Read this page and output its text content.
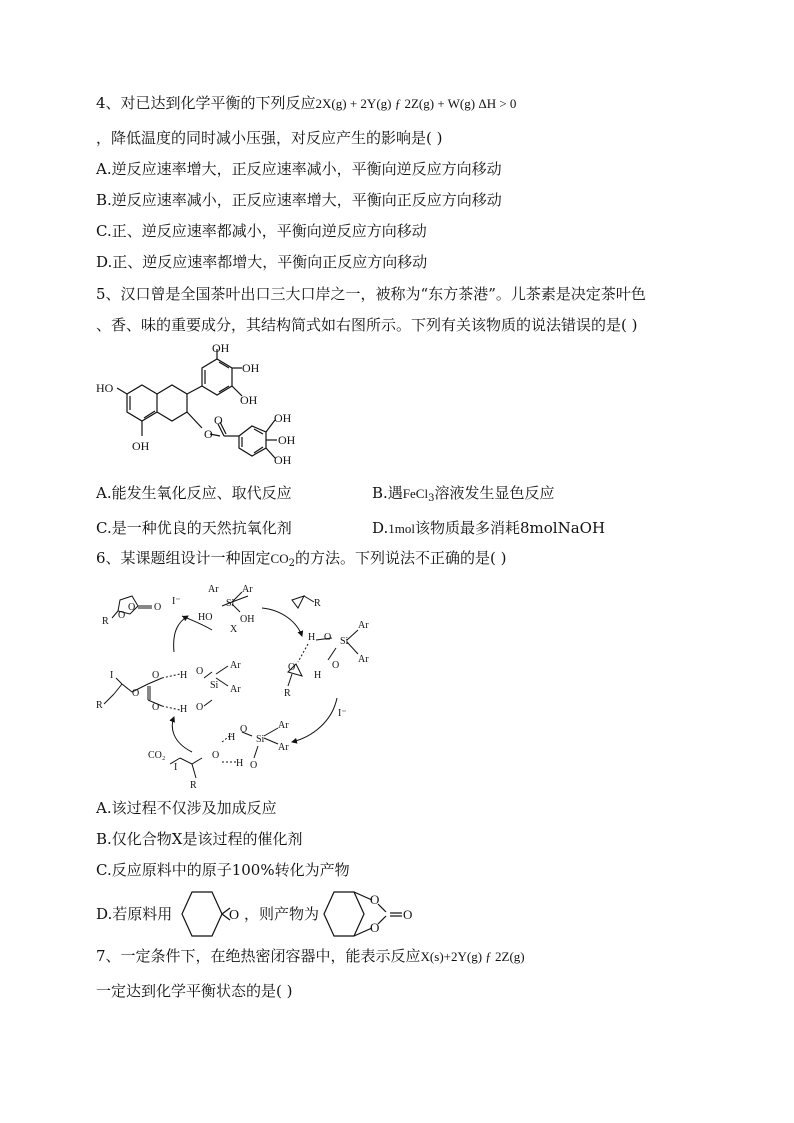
4、对已达到化学平衡的下列反应2X(g) + 2Y(g) ƒ 2Z(g) + W(g) ΔH > 0
，降低温度的同时减小压强，对反应产生的影响是( )
A.逆反应速率增大，正反应速率减小，平衡向逆反应方向移动
B.逆反应速率减小，正反应速率增大，平衡向正反应方向移动
C.正、逆反应速率都减小，平衡向逆反应方向移动
D.正、逆反应速率都增大，平衡向正反应方向移动
5、汉口曾是全国茶叶出口三大口岸之一，被称为“东方茶港”。儿茶素是决定茶叶色
、香、味的重要成分，其结构简式如右图所示。下列有关该物质的说法错误的是( )
OH
OH
OH
HO
OH
O
O	OH
OH
OH
A.能发生氧化反应、取代反应	B.遇FeCl$_3$溶液发生显色反应
C.是一种优良的天然抗氧化剂	D.1mol该物质最多消耗8molNaOH
6、某课题组设计一种固定$CO_2$的方法。下列说法不正确的是( )
O
O
O
R
I⁻
Ar Ar
Si
HO	OH
X
R
H O Si
Ar
Ar
O
H
O
R
I⁻
I
R
O
O
O
H
H
O
O
Si
Ar
Ar
CO₂
I
R
O
H
H
O
O
Si
Ar
Ar
A.该过程不仅涉及加成反应
B.仅化合物X是该过程的催化剂
C.反应原料中的原子100%转化为产物
D.若原料用	O ，则产物为
O
O
O
7、一定条件下，在绝热密闭容器中，能表示反应X(s)+2Y(g) ƒ 2Z(g)
一定达到化学平衡状态的是( )
